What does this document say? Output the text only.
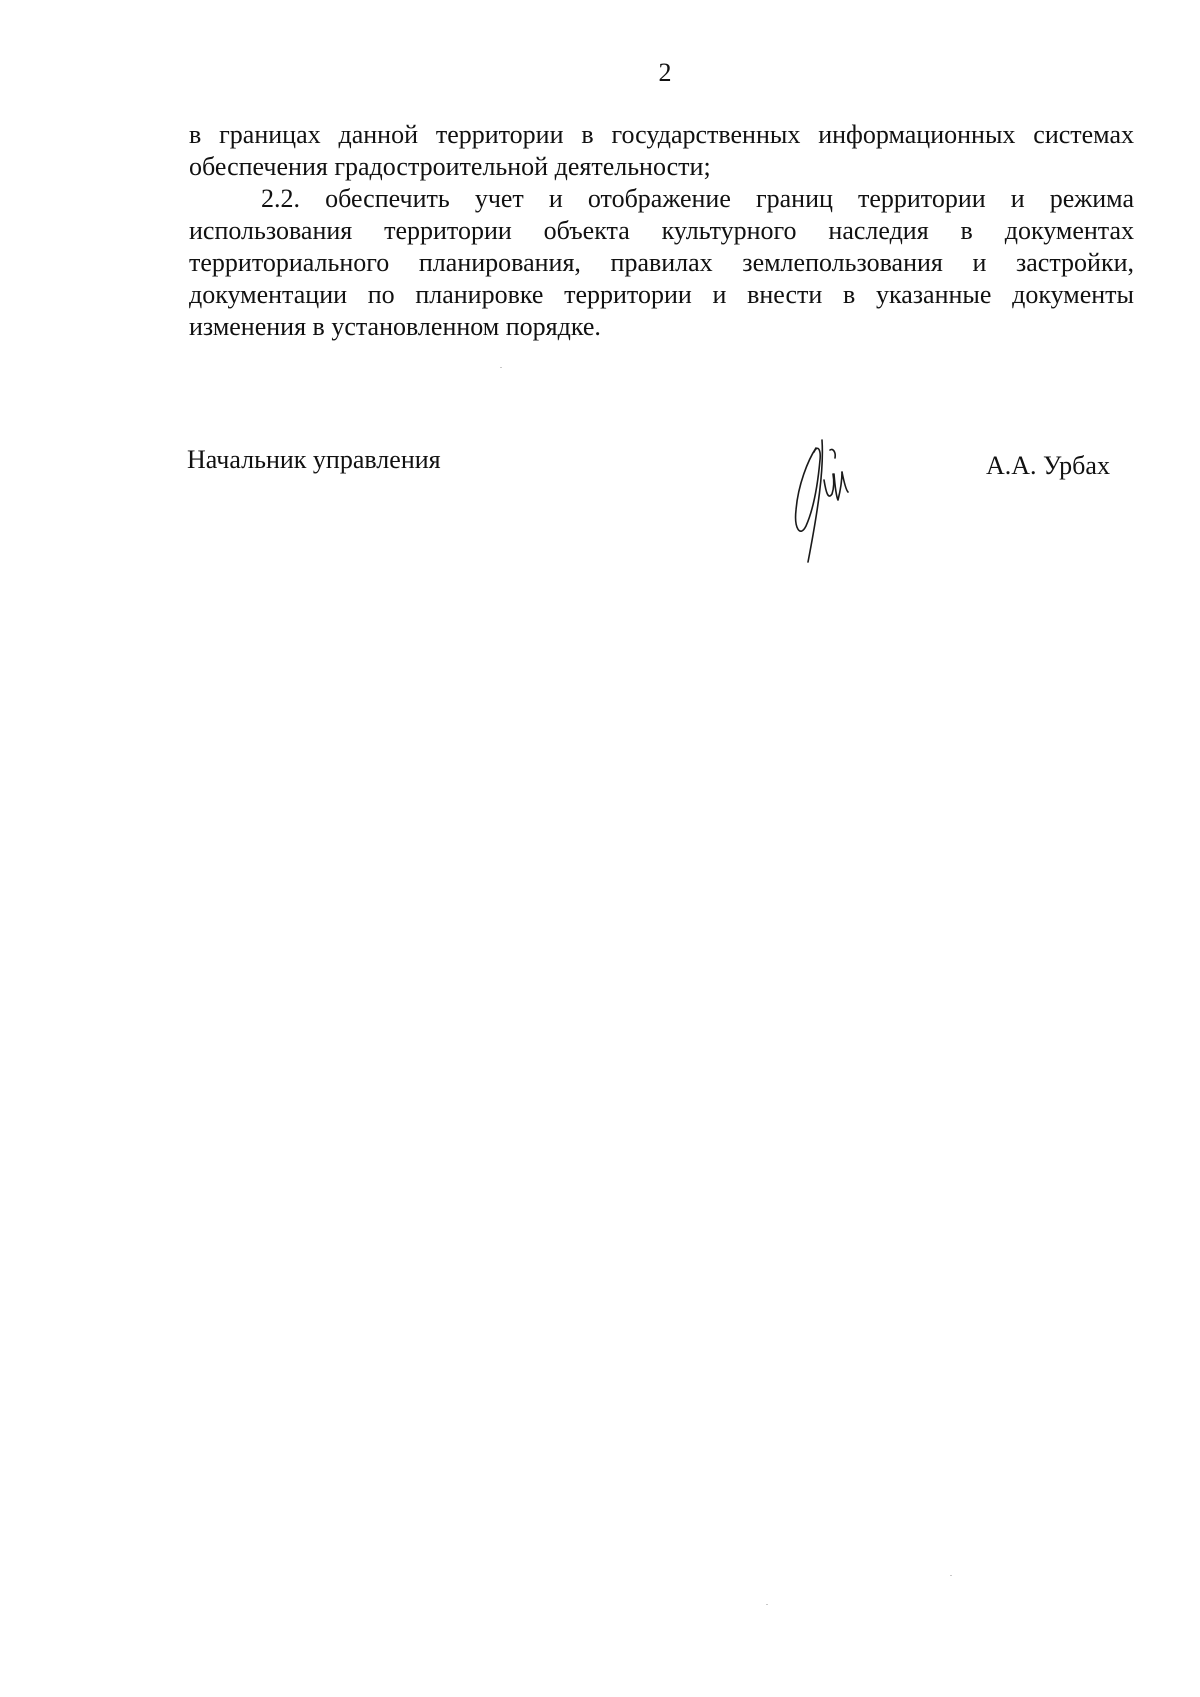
2

в границах данной территории в государственных информационных системах обеспечения градостроительной деятельности;

2.2. обеспечить учет и отображение границ территории и режима использования территории объекта культурного наследия в документах территориального планирования, правилах землепользования и застройки, документации по планировке территории и внести в указанные документы изменения в установленном порядке.

Начальник управления	А.А. Урбах
